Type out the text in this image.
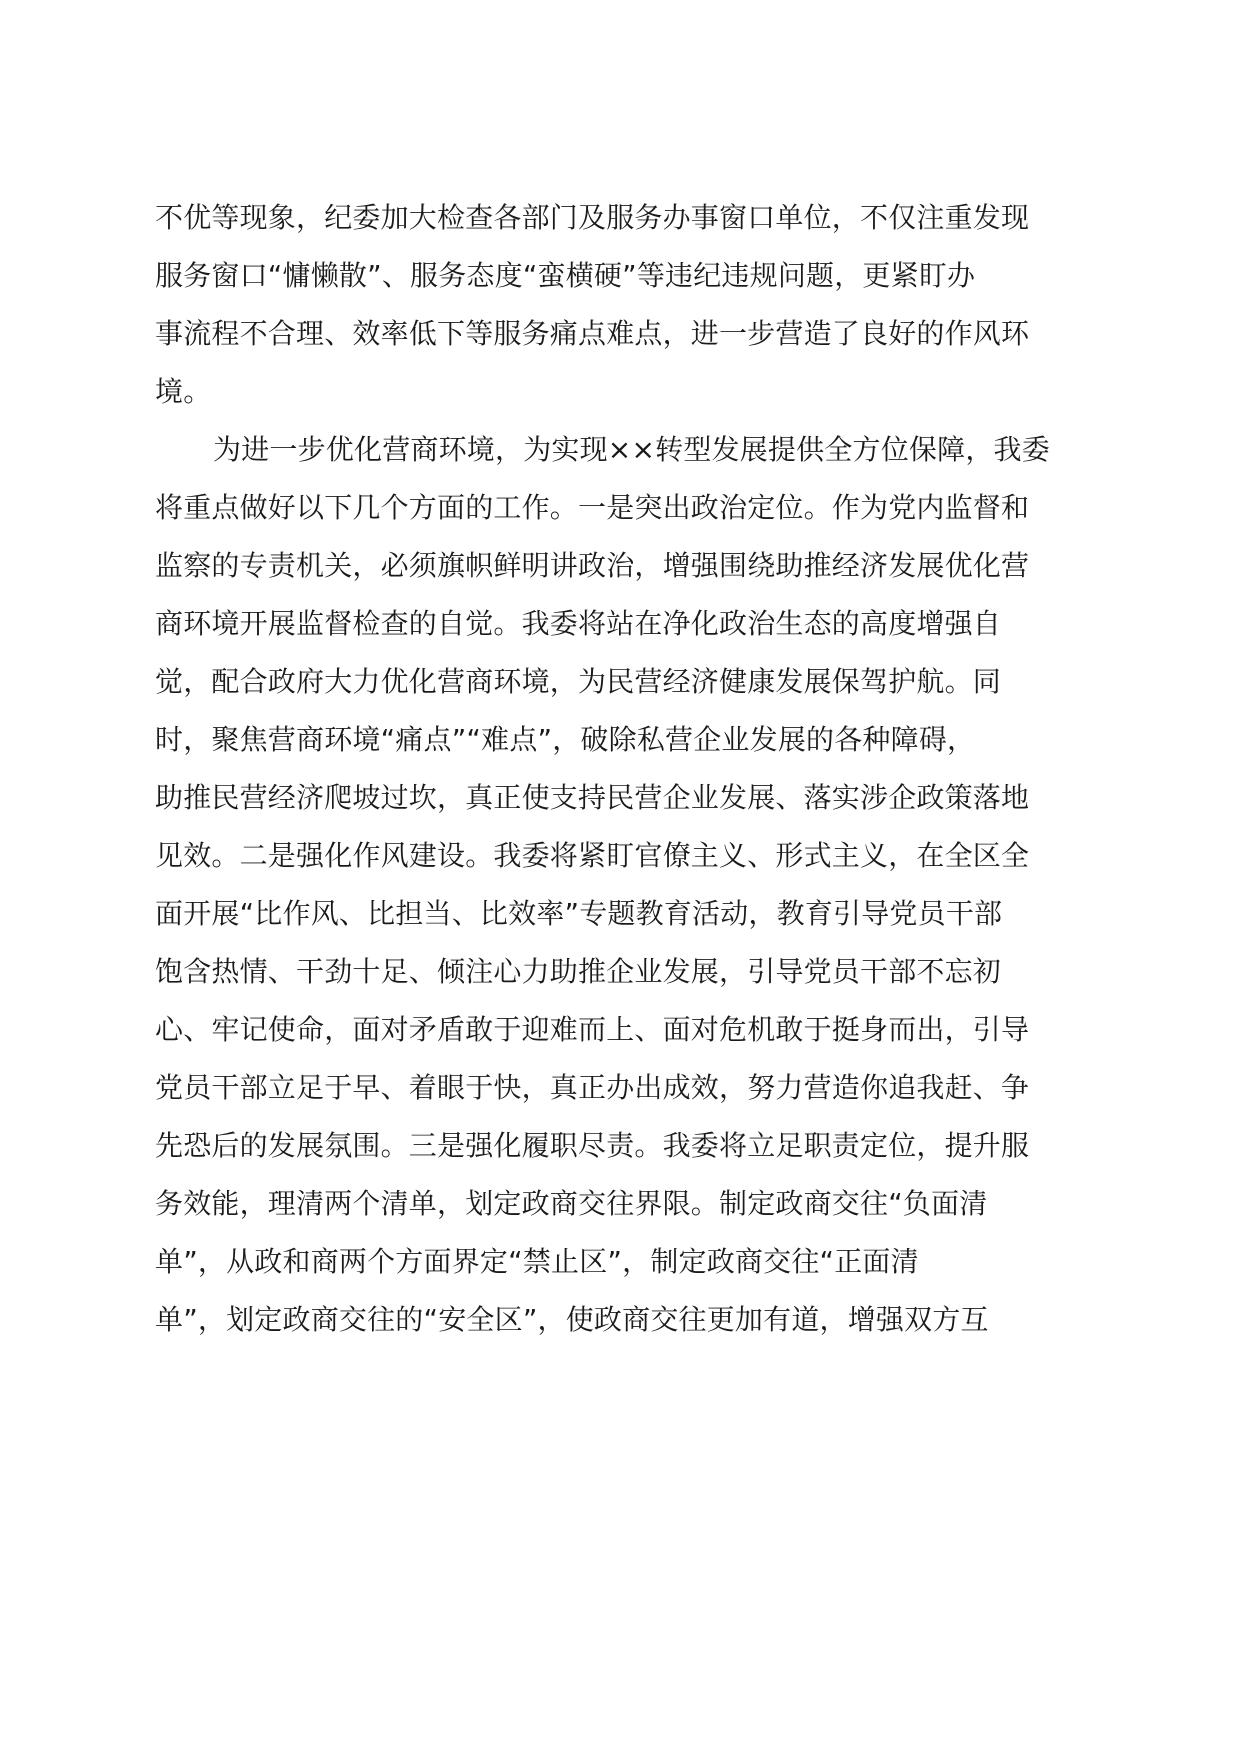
不优等现象，纪委加大检查各部门及服务办事窗口单位，不仅注重发现
服务窗口“慵懒散”、服务态度“蛮横硬”等违纪违规问题，更紧盯办
事流程不合理、效率低下等服务痛点难点，进一步营造了良好的作风环
境。
为进一步优化营商环境，为实现××转型发展提供全方位保障，我委
将重点做好以下几个方面的工作。一是突出政治定位。作为党内监督和
监察的专责机关，必须旗帜鲜明讲政治，增强围绕助推经济发展优化营
商环境开展监督检查的自觉。我委将站在净化政治生态的高度增强自
觉，配合政府大力优化营商环境，为民营经济健康发展保驾护航。同
时，聚焦营商环境“痛点”“难点”，破除私营企业发展的各种障碍，
助推民营经济爬坡过坎，真正使支持民营企业发展、落实涉企政策落地
见效。二是强化作风建设。我委将紧盯官僚主义、形式主义，在全区全
面开展“比作风、比担当、比效率”专题教育活动，教育引导党员干部
饱含热情、干劲十足、倾注心力助推企业发展，引导党员干部不忘初
心、牢记使命，面对矛盾敢于迎难而上、面对危机敢于挺身而出，引导
党员干部立足于早、着眼于快，真正办出成效，努力营造你追我赶、争
先恐后的发展氛围。三是强化履职尽责。我委将立足职责定位，提升服
务效能，理清两个清单，划定政商交往界限。制定政商交往“负面清
单”，从政和商两个方面界定“禁止区”，制定政商交往“正面清
单”，划定政商交往的“安全区”，使政商交往更加有道，增强双方互
